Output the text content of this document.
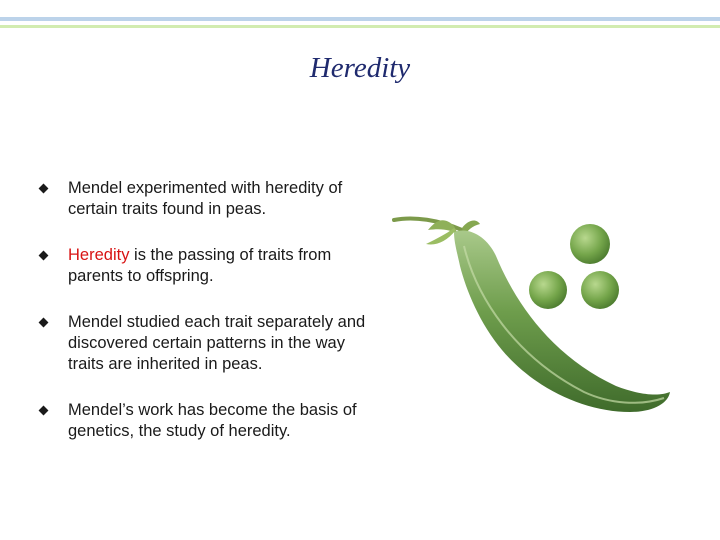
Heredity
Mendel experimented with heredity of certain traits found in peas.
Heredity is the passing of traits from parents to offspring.
Mendel studied each trait separately and discovered certain patterns in the way traits are inherited in peas.
Mendel’s work has become the basis of genetics, the study of heredity.
